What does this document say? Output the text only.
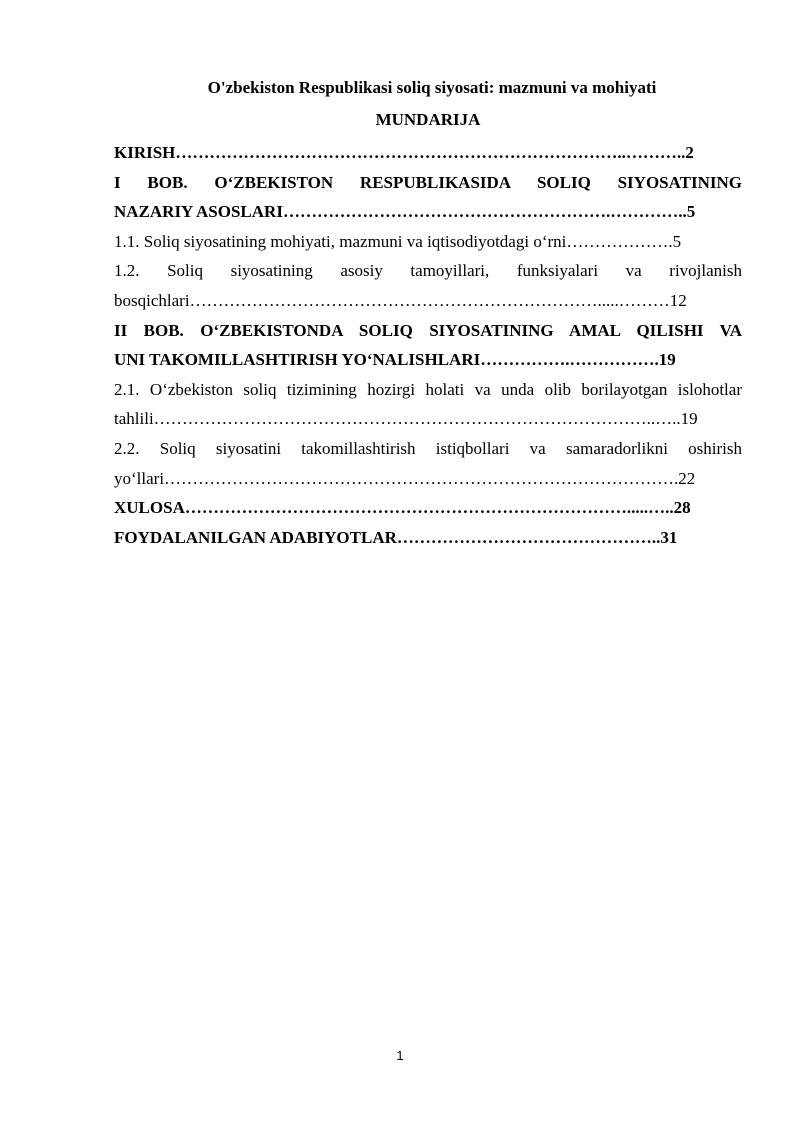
O'zbekiston Respublikasi soliq siyosati: mazmuni va mohiyati
MUNDARIJA
KIRISH……………………………………………………………………..………..2
I BOB. O‘ZBEKISTON RESPUBLIKASIDA SOLIQ SIYOSATINING
NAZARIY ASOSLARI………………………………………………….…………..5
1.1. Soliq siyosatining mohiyati, mazmuni va iqtisodiyotdagi o‘rni……………….5
1.2. Soliq siyosatining asosiy tamoyillari, funksiyalari va rivojlanish
bosqichlari……………………………………………………………….....………12
II BOB. O‘ZBEKISTONDA SOLIQ SIYOSATINING AMAL QILISHI VA
UNI TAKOMILLASHTIRISH YO‘NALISHLARI…………….…………….19
2.1. O‘zbekiston soliq tizimining hozirgi holati va unda olib borilayotgan islohotlar
tahlili……………………………………………………………………………..…..19
2.2. Soliq siyosatini takomillashtirish istiqbollari va samaradorlikni oshirish
yo‘llari……………………………………………………………………………….22
XULOSA…………………………………………………………………….....…..28
FOYDALANILGAN ADABIYOTLAR………………………………………..31
1
